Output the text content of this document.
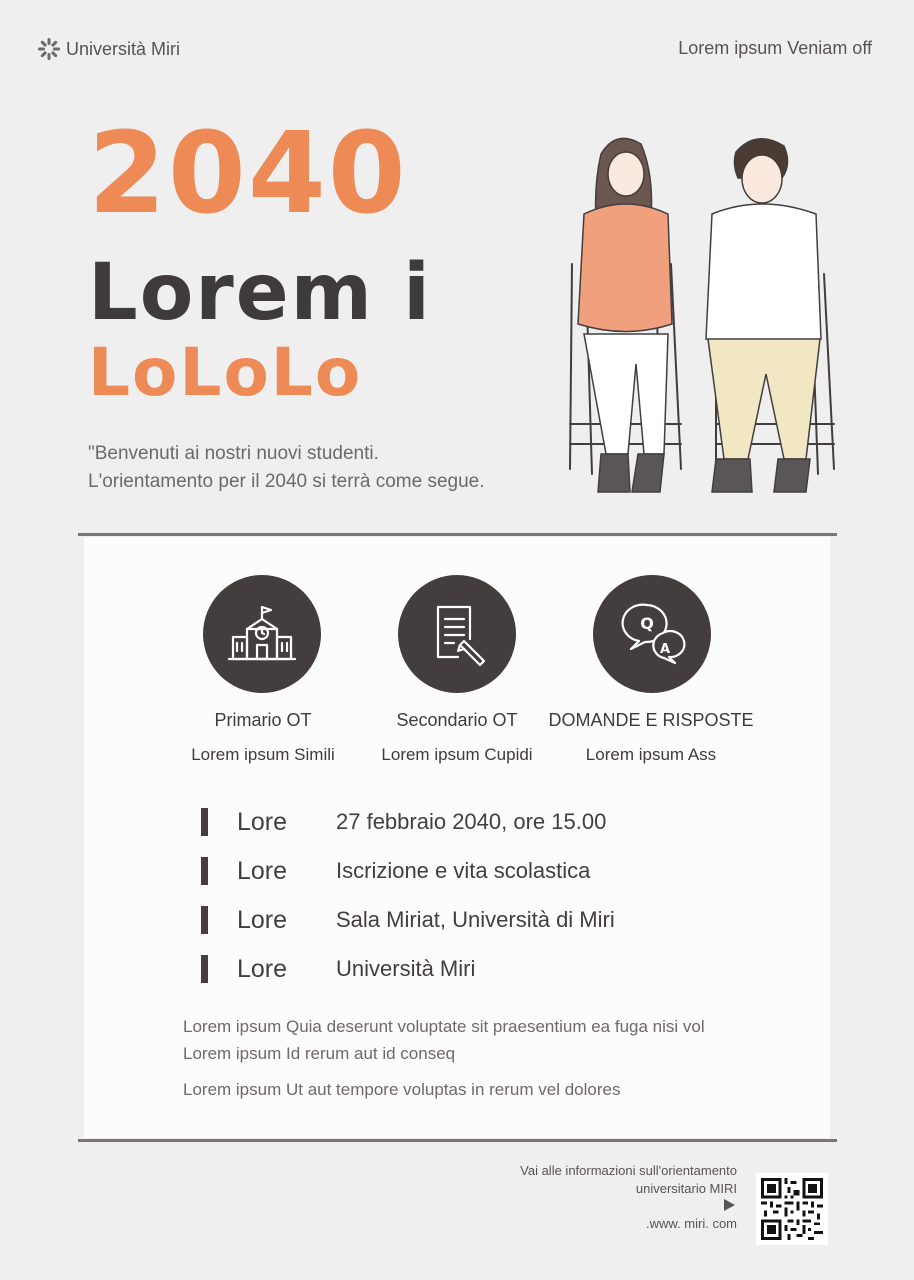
Università Miri	Lorem ipsum Veniam off
2040
Lorem i
LoLoLo
"Benvenuti ai nostri nuovi studenti.
L'orientamento per il 2040 si terrà come segue.
Primario OT
Lorem ipsum Simili
Secondario OT
Lorem ipsum Cupidi
Q
A
DOMANDE E RISPOSTE
Lorem ipsum Ass
Lore 27 febbraio 2040, ore 15.00
Lore Iscrizione e vita scolastica
Lore Sala Miriat, Università di Miri
Lore Università Miri
Lorem ipsum Quia deserunt voluptate sit praesentium ea fuga nisi vol
Lorem ipsum Id rerum aut id conseq
Lorem ipsum Ut aut tempore voluptas in rerum vel dolores
Vai alle informazioni sull'orientamento
universitario MIRI
.www. miri. com
